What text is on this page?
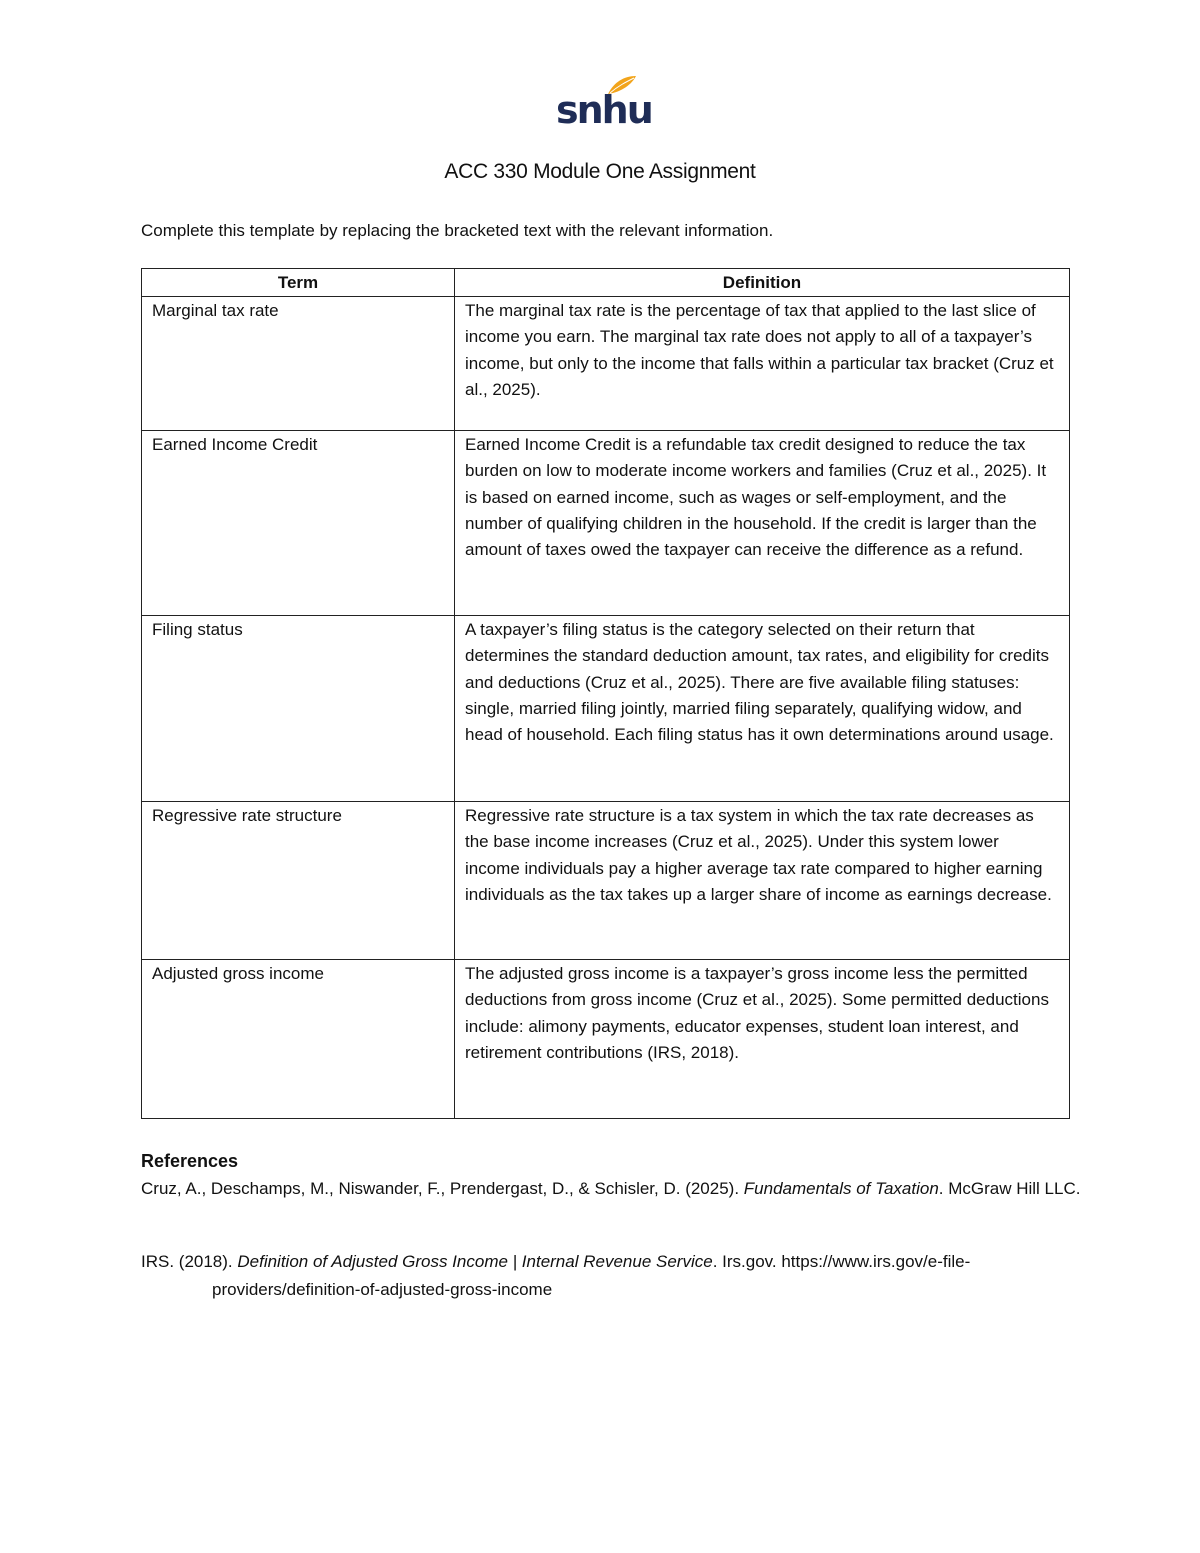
snhu
ACC 330 Module One Assignment
Complete this template by replacing the bracketed text with the relevant information.
Term	Definition
Marginal tax rate	The marginal tax rate is the percentage of tax that applied to the last slice of income you earn. The marginal tax rate does not apply to all of a taxpayer’s income, but only to the income that falls within a particular tax bracket (Cruz et al., 2025).
Earned Income Credit	Earned Income Credit is a refundable tax credit designed to reduce the tax burden on low to moderate income workers and families (Cruz et al., 2025). It is based on earned income, such as wages or self-employment, and the number of qualifying children in the household. If the credit is larger than the amount of taxes owed the taxpayer can receive the difference as a refund.
Filing status	A taxpayer’s filing status is the category selected on their return that determines the standard deduction amount, tax rates, and eligibility for credits and deductions (Cruz et al., 2025). There are five available filing statuses: single, married filing jointly, married filing separately, qualifying widow, and head of household. Each filing status has it own determinations around usage.
Regressive rate structure	Regressive rate structure is a tax system in which the tax rate decreases as the base income increases (Cruz et al., 2025). Under this system lower income individuals pay a higher average tax rate compared to higher earning individuals as the tax takes up a larger share of income as earnings decrease.
Adjusted gross income	The adjusted gross income is a taxpayer’s gross income less the permitted deductions from gross income (Cruz et al., 2025). Some permitted deductions include: alimony payments, educator expenses, student loan interest, and retirement contributions (IRS, 2018).
References
Cruz, A., Deschamps, M., Niswander, F., Prendergast, D., & Schisler, D. (2025). Fundamentals of Taxation. McGraw Hill LLC.
IRS. (2018). Definition of Adjusted Gross Income | Internal Revenue Service. Irs.gov. https://www.irs.gov/e-file-providers/definition-of-adjusted-gross-income
